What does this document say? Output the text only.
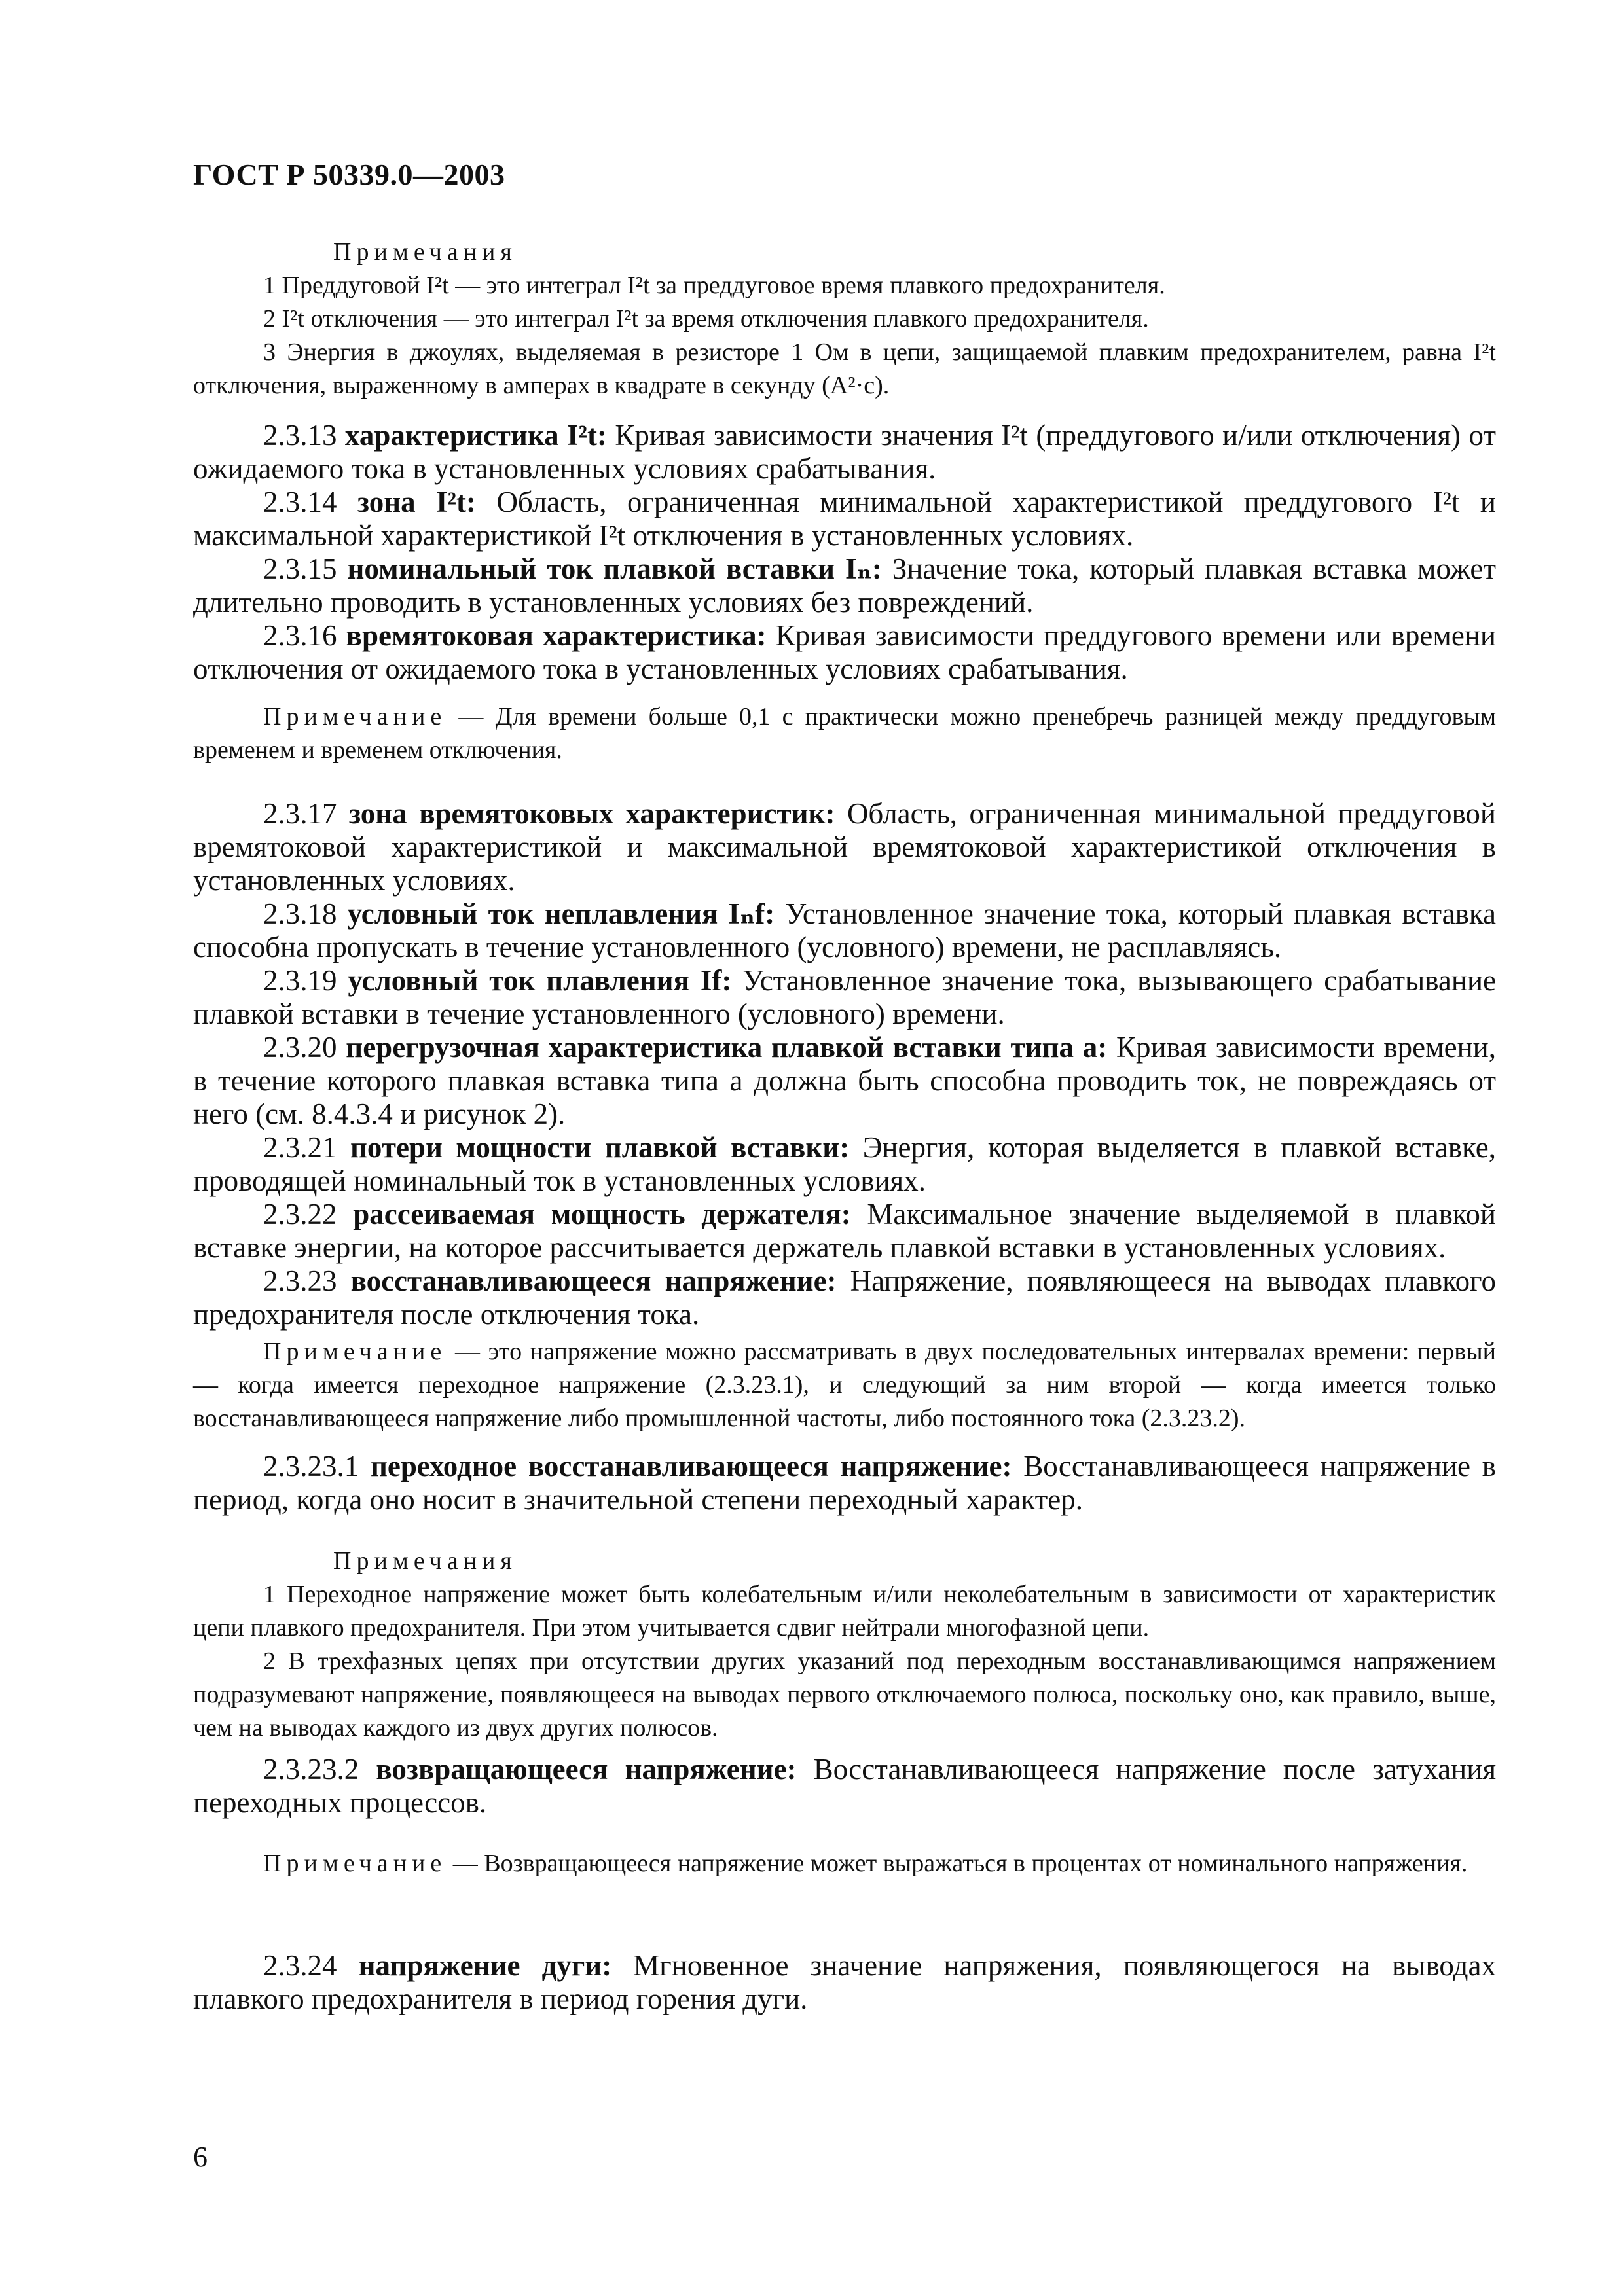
ГОСТ Р 50339.0—2003

Примечания

1 Преддуговой I²t — это интеграл I²t за преддуговое время плавкого предохранителя.

2 I²t отключения — это интеграл I²t за время отключения плавкого предохранителя.

3 Энергия в джоулях, выделяемая в резисторе 1 Ом в цепи, защищаемой плавким предохранителем, равна I²t отключения, выраженному в амперах в квадрате в секунду (А²·с).

2.3.13 характеристика I²t: Кривая зависимости значения I²t (преддугового и/или отключения) от ожидаемого тока в установленных условиях срабатывания.

2.3.14 зона I²t: Область, ограниченная минимальной характеристикой преддугового I²t и максимальной характеристикой I²t отключения в установленных условиях.

2.3.15 номинальный ток плавкой вставки Iₙ: Значение тока, который плавкая вставка может длительно проводить в установленных условиях без повреждений.

2.3.16 времятоковая характеристика: Кривая зависимости преддугового времени или времени отключения от ожидаемого тока в установленных условиях срабатывания.

Примечание — Для времени больше 0,1 с практически можно пренебречь разницей между преддуговым временем и временем отключения.

2.3.17 зона времятоковых характеристик: Область, ограниченная минимальной преддуговой времятоковой характеристикой и максимальной времятоковой характеристикой отключения в установленных условиях.

2.3.18 условный ток неплавления Iₙf: Установленное значение тока, который плавкая вставка способна пропускать в течение установленного (условного) времени, не расплавляясь.

2.3.19 условный ток плавления If: Установленное значение тока, вызывающего срабатывание плавкой вставки в течение установленного (условного) времени.

2.3.20 перегрузочная характеристика плавкой вставки типа a: Кривая зависимости времени, в течение которого плавкая вставка типа a должна быть способна проводить ток, не повреждаясь от него (см. 8.4.3.4 и рисунок 2).

2.3.21 потери мощности плавкой вставки: Энергия, которая выделяется в плавкой вставке, проводящей номинальный ток в установленных условиях.

2.3.22 рассеиваемая мощность держателя: Максимальное значение выделяемой в плавкой вставке энергии, на которое рассчитывается держатель плавкой вставки в установленных условиях.

2.3.23 восстанавливающееся напряжение: Напряжение, появляющееся на выводах плавкого предохранителя после отключения тока.

Примечание — это напряжение можно рассматривать в двух последовательных интервалах времени: первый — когда имеется переходное напряжение (2.3.23.1), и следующий за ним второй — когда имеется только восстанавливающееся напряжение либо промышленной частоты, либо постоянного тока (2.3.23.2).

2.3.23.1 переходное восстанавливающееся напряжение: Восстанавливающееся напряжение в период, когда оно носит в значительной степени переходный характер.

Примечания

1 Переходное напряжение может быть колебательным и/или неколебательным в зависимости от характеристик цепи плавкого предохранителя. При этом учитывается сдвиг нейтрали многофазной цепи.

2 В трехфазных цепях при отсутствии других указаний под переходным восстанавливающимся напряжением подразумевают напряжение, появляющееся на выводах первого отключаемого полюса, поскольку оно, как правило, выше, чем на выводах каждого из двух других полюсов.

2.3.23.2 возвращающееся напряжение: Восстанавливающееся напряжение после затухания переходных процессов.

Примечание — Возвращающееся напряжение может выражаться в процентах от номинального напряжения.

2.3.24 напряжение дуги: Мгновенное значение напряжения, появляющегося на выводах плавкого предохранителя в период горения дуги.

6
